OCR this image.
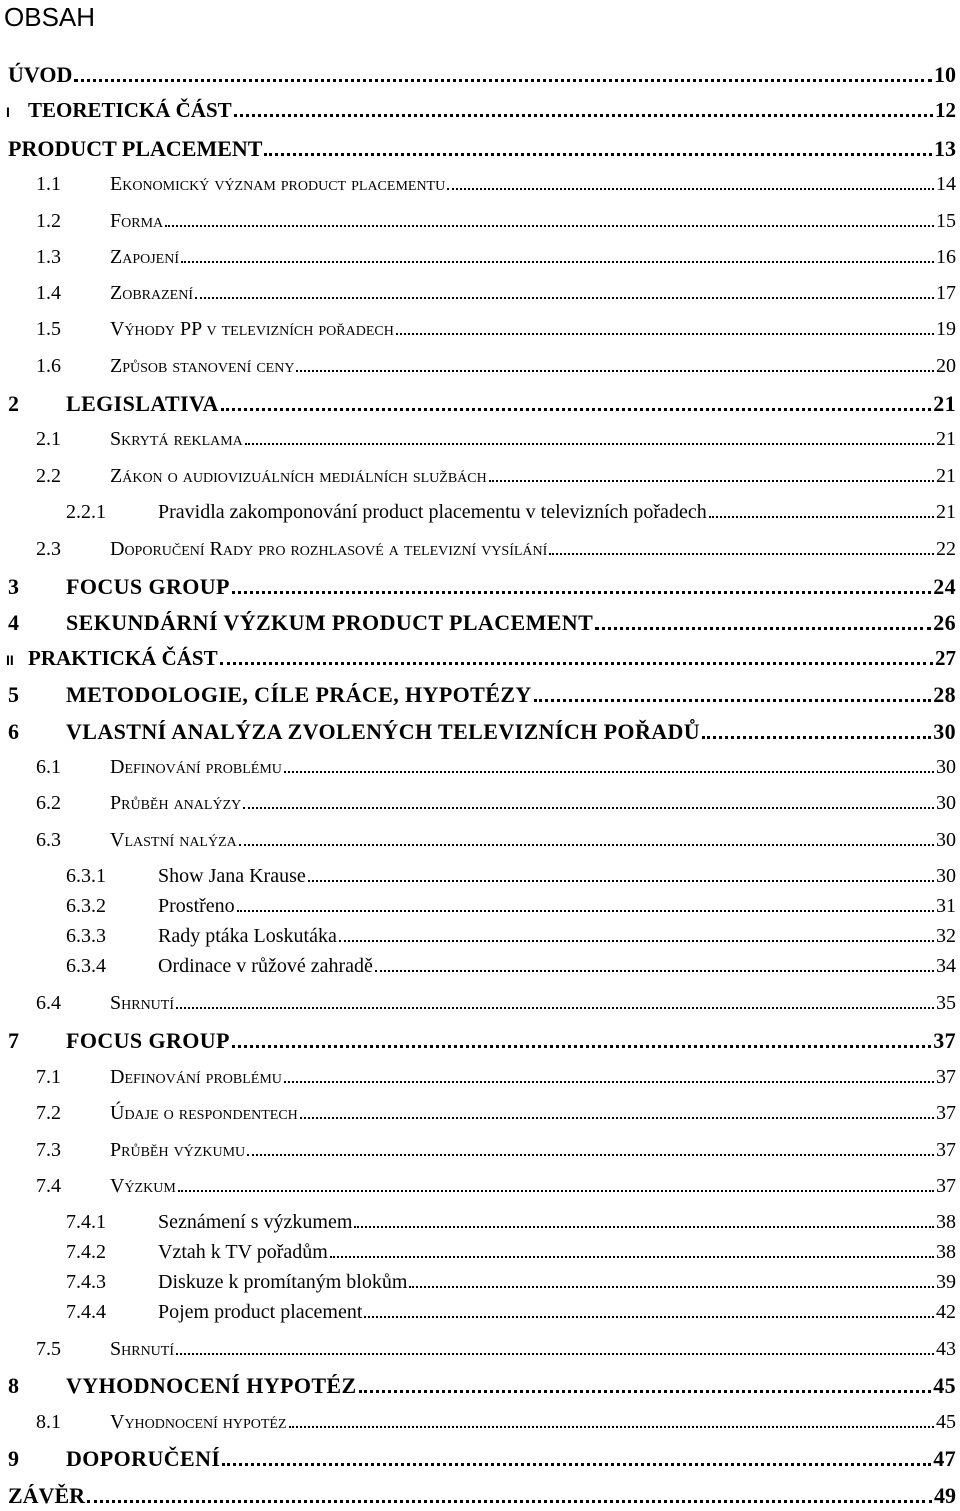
OBSAH
ÚVOD	10
I TEORETICKÁ ČÁST	12
PRODUCT PLACEMENT	13
1.1	Ekonomický význam product placementu	14
1.2	Forma	15
1.3	Zapojení	16
1.4	Zobrazení	17
1.5	Výhody PP v televizních pořadech	19
1.6	Způsob stanovení ceny	20
2	LEGISLATIVA	21
2.1	Skrytá reklama	21
2.2	Zákon o audiovizuálních mediálních službách	21
2.2.1	Pravidla zakomponování product placementu v televizních pořadech	21
2.3	Doporučení Rady pro rozhlasové a televizní vysílání	22
3	FOCUS GROUP	24
4	SEKUNDÁRNÍ VÝZKUM PRODUCT PLACEMENT	26
II PRAKTICKÁ ČÁST	27
5	METODOLOGIE, CÍLE PRÁCE, HYPOTÉZY	28
6	VLASTNÍ ANALÝZA ZVOLENÝCH TELEVIZNÍCH POŘADŮ	30
6.1	Definování problému	30
6.2	Průběh analýzy	30
6.3	Vlastní nalýza	30
6.3.1	Show Jana Krause	30
6.3.2	Prostřeno	31
6.3.3	Rady ptáka Loskutáka	32
6.3.4	Ordinace v růžové zahradě	34
6.4	Shrnutí	35
7	FOCUS GROUP	37
7.1	Definování problému	37
7.2	Údaje o respondentech	37
7.3	Průběh výzkumu	37
7.4	Výzkum	37
7.4.1	Seznámení s výzkumem	38
7.4.2	Vztah k TV pořadům	38
7.4.3	Diskuze k promítaným blokům	39
7.4.4	Pojem product placement	42
7.5	Shrnutí	43
8	VYHODNOCENÍ HYPOTÉZ	45
8.1	Vyhodnocení hypotéz	45
9	DOPORUČENÍ	47
ZÁVĚR	49
